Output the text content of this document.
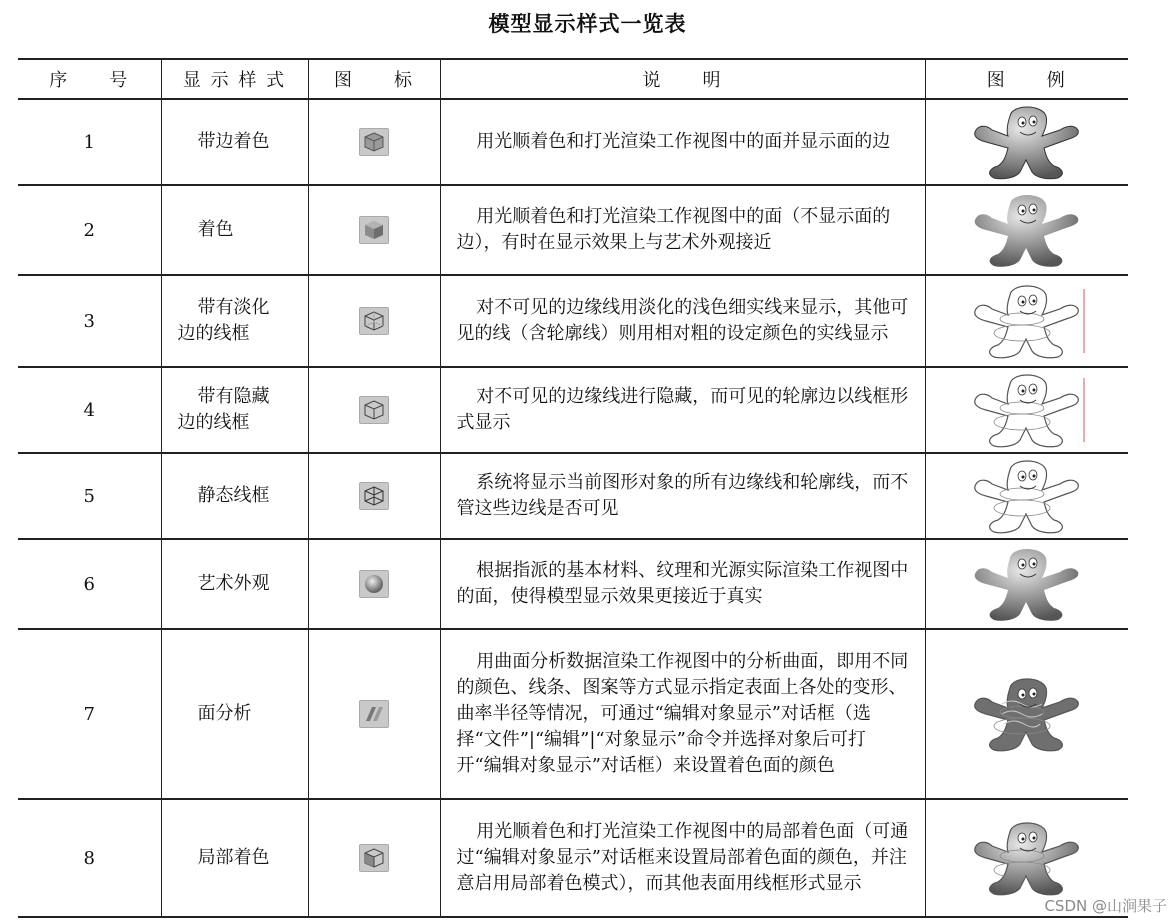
模型显示样式一览表
序　　号	显 示 样 式	图　　标	说　　明	图　　例
1	带边着色		用光顺着色和打光渲染工作视图中的面并显示面的边

2	着色		用光顺着色和打光渲染工作视图中的面（不显示面的边），有时在显示效果上与艺术外观接近

3	带有淡化
边的线框		对不可见的边缘线用淡化的浅色细实线来显示，其他可见的线（含轮廓线）则用相对粗的设定颜色的实线显示

4	带有隐藏
边的线框		对不可见的边缘线进行隐藏，而可见的轮廓边以线框形式显示

5	静态线框		系统将显示当前图形对象的所有边缘线和轮廓线，而不管这些边线是否可见

6	艺术外观		根据指派的基本材料、纹理和光源实际渲染工作视图中的面，使得模型显示效果更接近于真实

7	面分析		用曲面分析数据渲染工作视图中的分析曲面，即用不同的颜色、线条、图案等方式显示指定表面上各处的变形、曲率半径等情况，可通过“编辑对象显示”对话框（选择“文件”|“编辑”|“对象显示”命令并选择对象后可打开“编辑对象显示”对话框）来设置着色面的颜色

8	局部着色		用光顺着色和打光渲染工作视图中的局部着色面（可通过“编辑对象显示”对话框来设置局部着色面的颜色，并注意启用局部着色模式），而其他表面用线框形式显示

CSDN @山涧果子
